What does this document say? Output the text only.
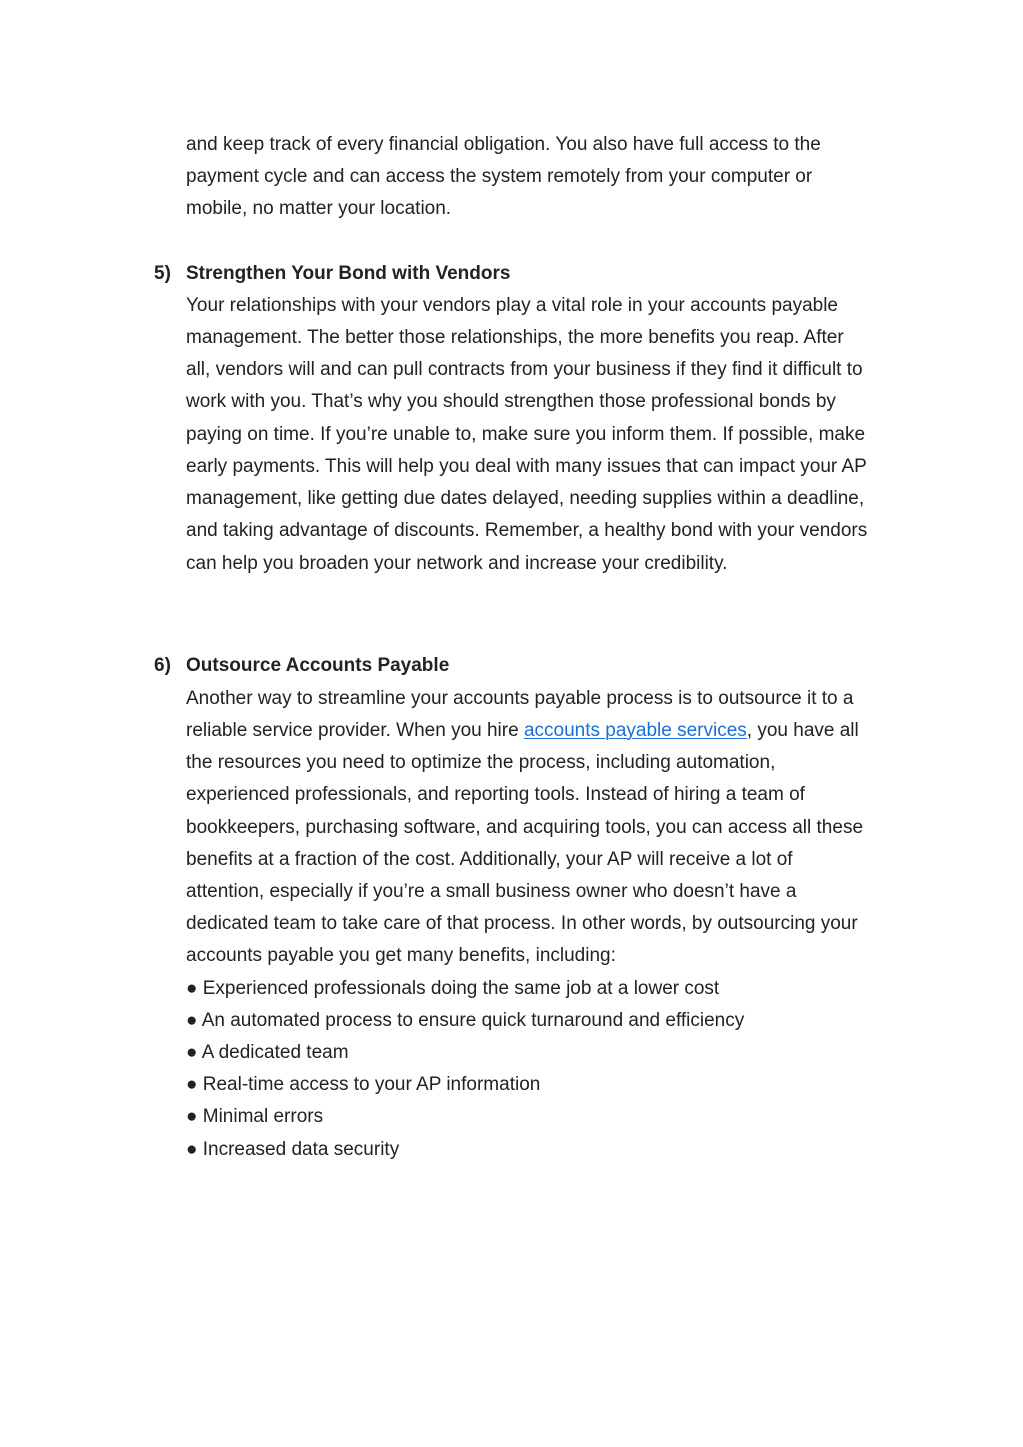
and keep track of every financial obligation. You also have full access to the
payment cycle and can access the system remotely from your computer or
mobile, no matter your location.
5) Strengthen Your Bond with Vendors
Your relationships with your vendors play a vital role in your accounts payable
management. The better those relationships, the more benefits you reap. After
all, vendors will and can pull contracts from your business if they find it difficult to
work with you. That’s why you should strengthen those professional bonds by
paying on time. If you’re unable to, make sure you inform them. If possible, make
early payments. This will help you deal with many issues that can impact your AP
management, like getting due dates delayed, needing supplies within a deadline,
and taking advantage of discounts. Remember, a healthy bond with your vendors
can help you broaden your network and increase your credibility.
6) Outsource Accounts Payable
Another way to streamline your accounts payable process is to outsource it to a
reliable service provider. When you hire accounts payable services, you have all
the resources you need to optimize the process, including automation,
experienced professionals, and reporting tools. Instead of hiring a team of
bookkeepers, purchasing software, and acquiring tools, you can access all these
benefits at a fraction of the cost. Additionally, your AP will receive a lot of
attention, especially if you’re a small business owner who doesn’t have a
dedicated team to take care of that process. In other words, by outsourcing your
accounts payable you get many benefits, including:
● Experienced professionals doing the same job at a lower cost
● An automated process to ensure quick turnaround and efficiency
● A dedicated team
● Real-time access to your AP information
● Minimal errors
● Increased data security
